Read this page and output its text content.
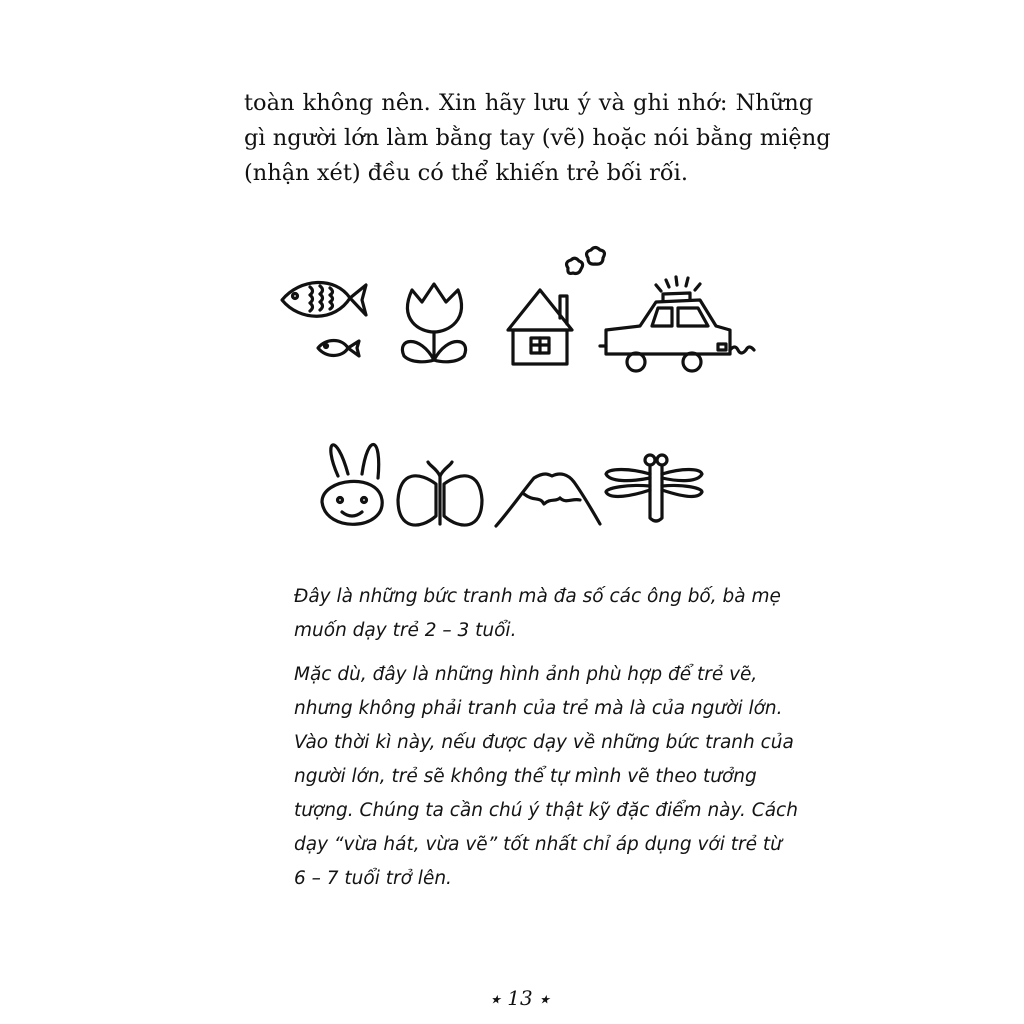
toàn không nên. Xin hãy lưu ý và ghi nhớ: Những
gì người lớn làm bằng tay (vẽ) hoặc nói bằng miệng
(nhận xét) đều có thể khiến trẻ bối rối.

Đây là những bức tranh mà đa số các ông bố, bà mẹ
muốn dạy trẻ 2 – 3 tuổi.

Mặc dù, đây là những hình ảnh phù hợp để trẻ vẽ,
nhưng không phải tranh của trẻ mà là của người lớn.
Vào thời kì này, nếu được dạy về những bức tranh của
người lớn, trẻ sẽ không thể tự mình vẽ theo tưởng
tượng. Chúng ta cần chú ý thật kỹ đặc điểm này. Cách
dạy “vừa hát, vừa vẽ” tốt nhất chỉ áp dụng với trẻ từ
6 – 7 tuổi trở lên.

★ 13 ★
